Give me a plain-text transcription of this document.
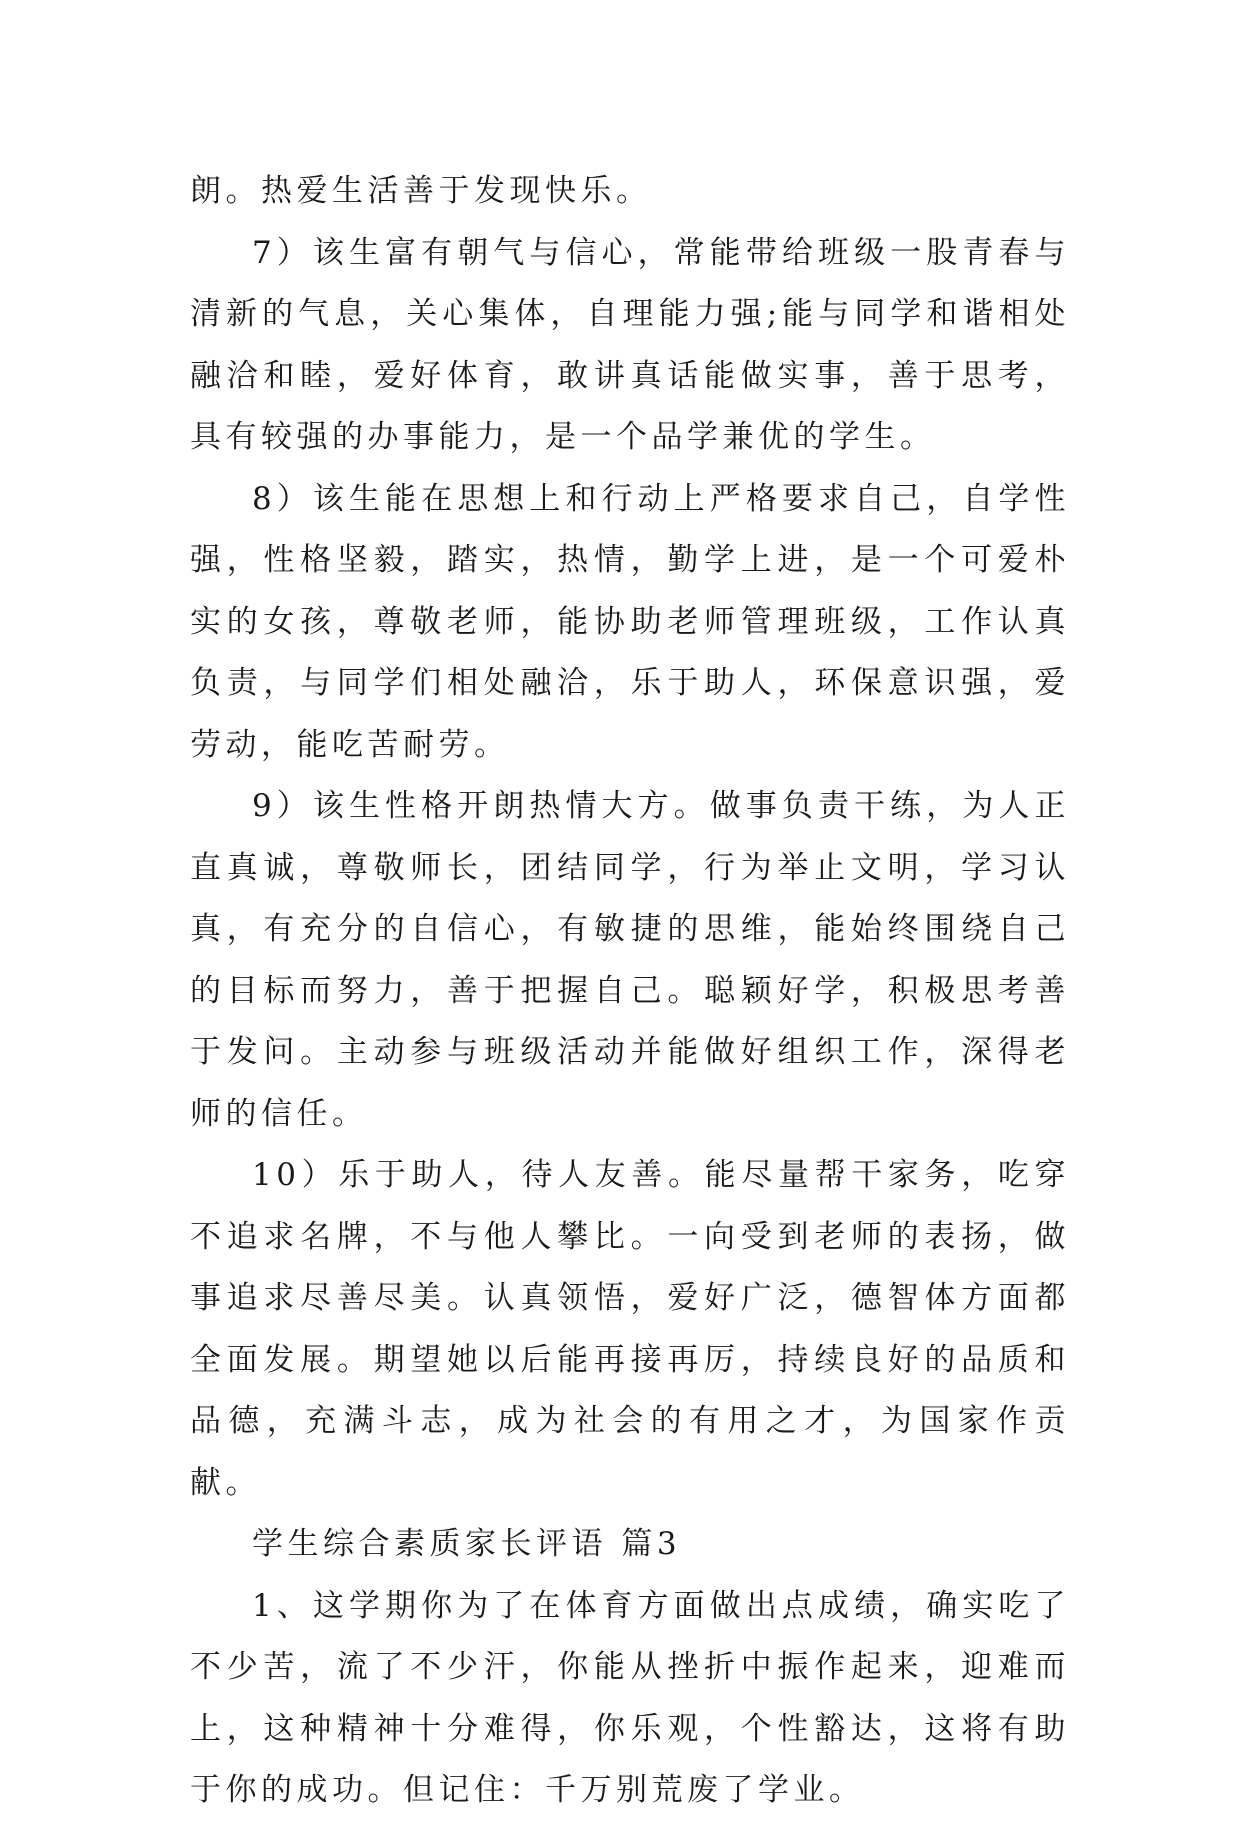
朗。热爱生活善于发现快乐。

7）该生富有朝气与信心，常能带给班级一股青春与清新的气息，关心集体，自理能力强;能与同学和谐相处融洽和睦，爱好体育，敢讲真话能做实事，善于思考，具有较强的办事能力，是一个品学兼优的学生。

8）该生能在思想上和行动上严格要求自己，自学性强，性格坚毅，踏实，热情，勤学上进，是一个可爱朴实的女孩，尊敬老师，能协助老师管理班级，工作认真负责，与同学们相处融洽，乐于助人，环保意识强，爱劳动，能吃苦耐劳。

9）该生性格开朗热情大方。做事负责干练，为人正直真诚，尊敬师长，团结同学，行为举止文明，学习认真，有充分的自信心，有敏捷的思维，能始终围绕自己的目标而努力，善于把握自己。聪颖好学，积极思考善于发问。主动参与班级活动并能做好组织工作，深得老师的信任。

10）乐于助人，待人友善。能尽量帮干家务，吃穿不追求名牌，不与他人攀比。一向受到老师的表扬，做事追求尽善尽美。认真领悟，爱好广泛，德智体方面都全面发展。期望她以后能再接再厉，持续良好的品质和品德，充满斗志，成为社会的有用之才，为国家作贡献。

学生综合素质家长评语 篇3

1、这学期你为了在体育方面做出点成绩，确实吃了不少苦，流了不少汗，你能从挫折中振作起来，迎难而上，这种精神十分难得，你乐观，个性豁达，这将有助于你的成功。但记住：千万别荒废了学业。
